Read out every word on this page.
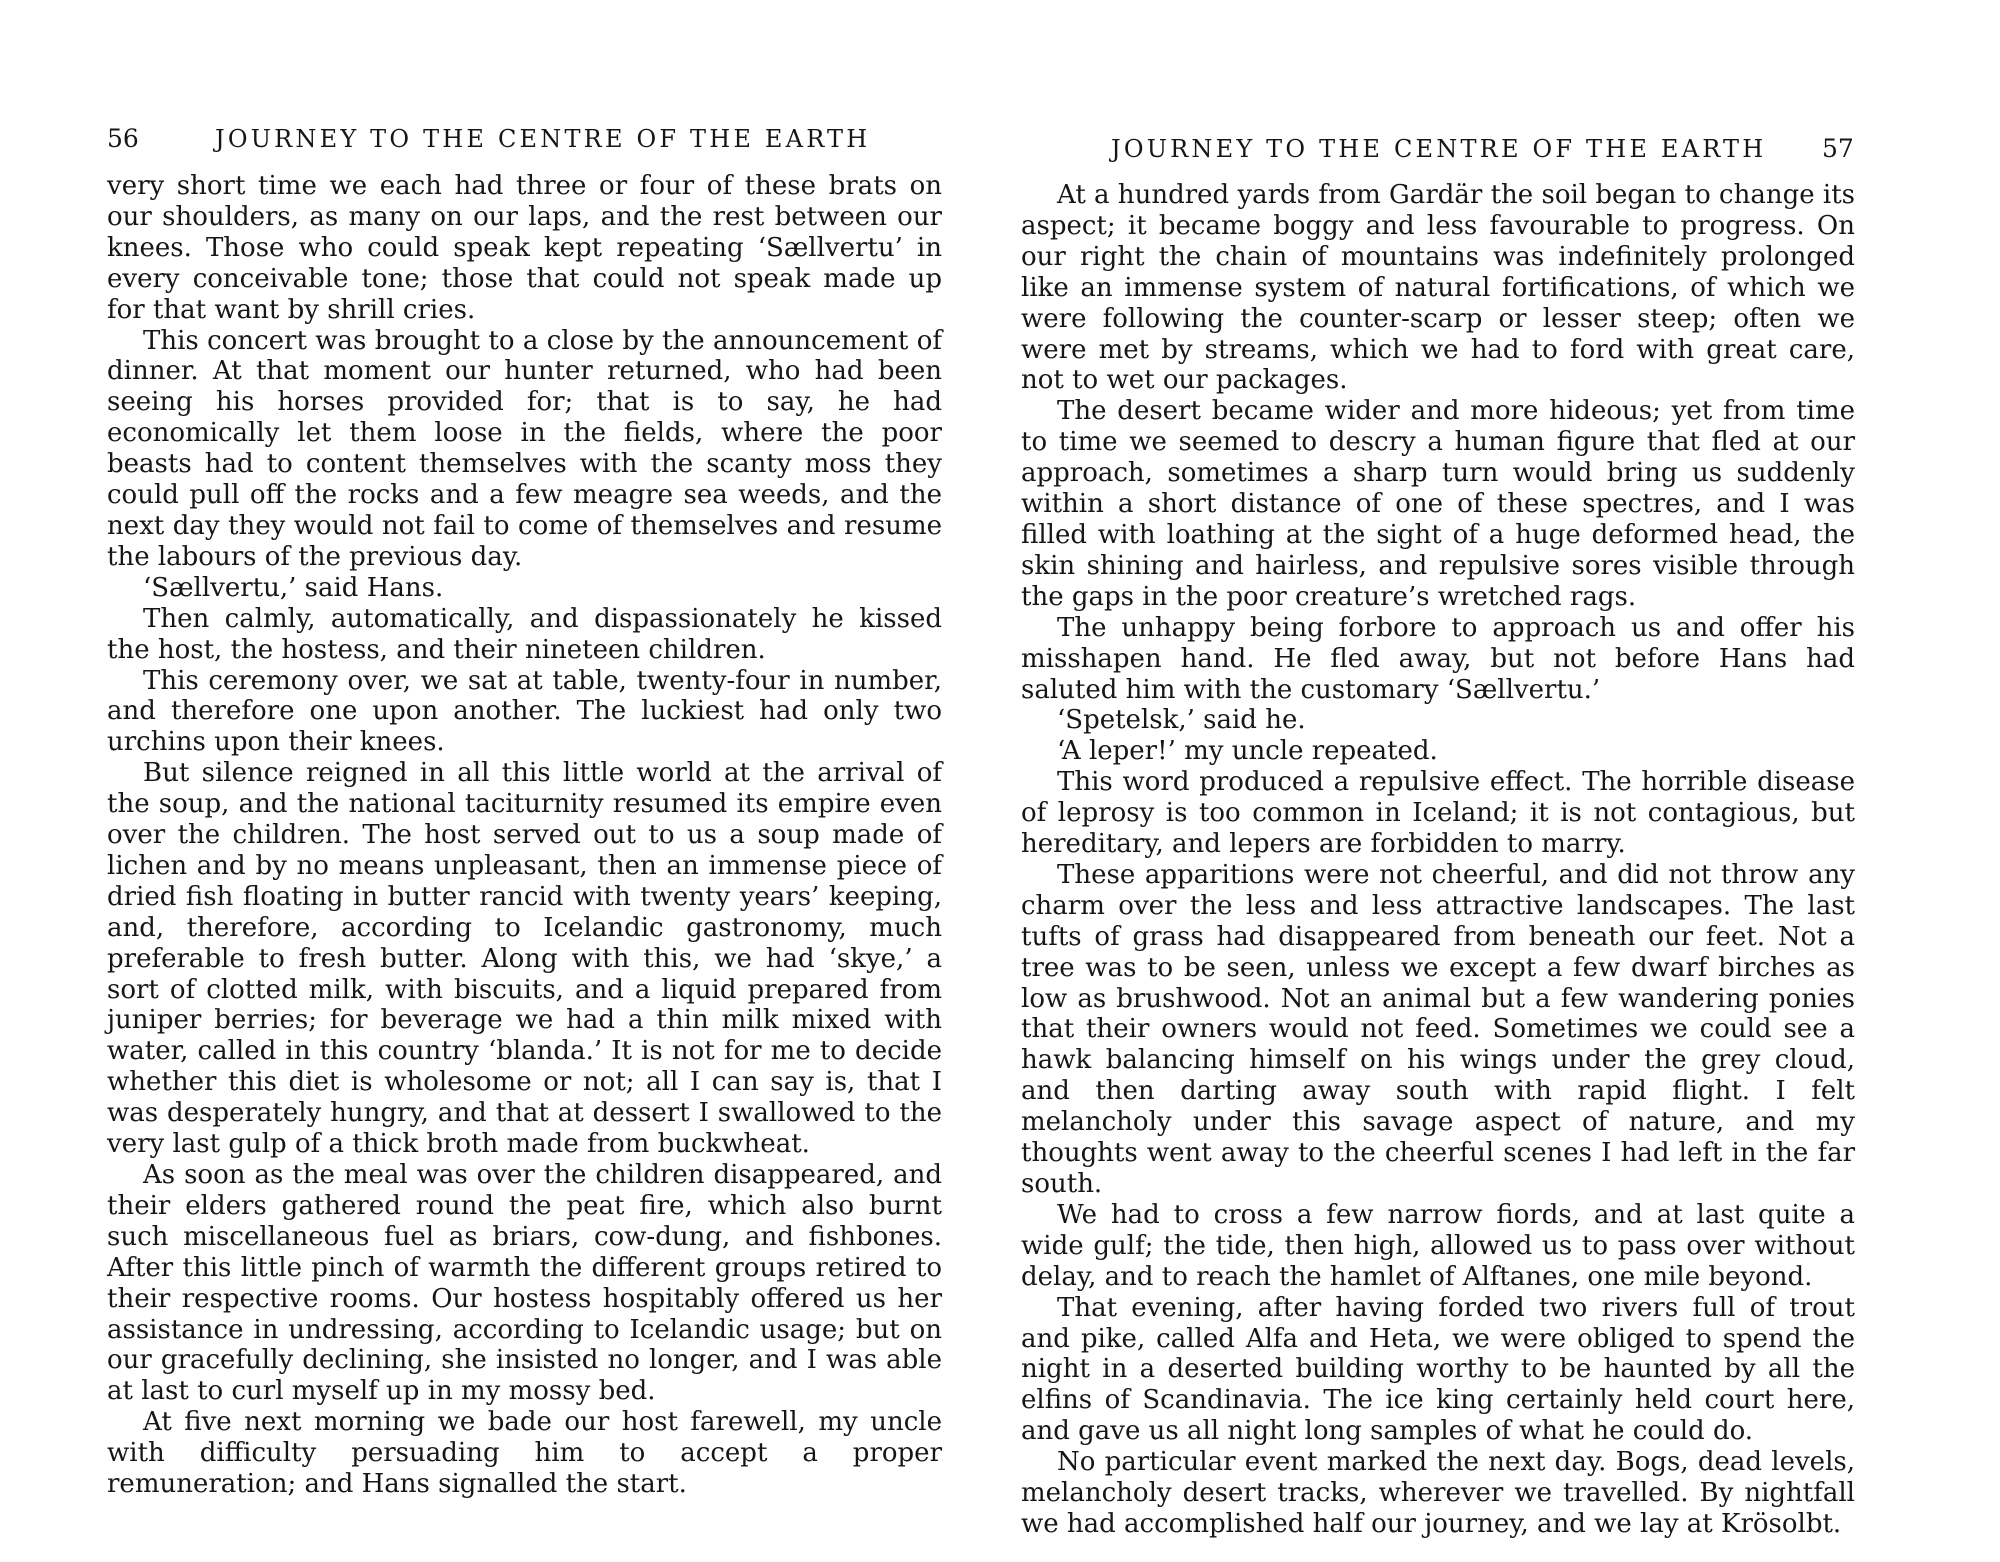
56	JOURNEY TO THE CENTRE OF THE EARTH

very short time we each had three or four of these brats on our shoulders, as many on our laps, and the rest between our knees. Those who could speak kept repeating ‘Sællvertu’ in every conceivable tone; those that could not speak made up for that want by shrill cries.

This concert was brought to a close by the announcement of dinner. At that moment our hunter returned, who had been seeing his horses provided for; that is to say, he had economically let them loose in the fields, where the poor beasts had to content themselves with the scanty moss they could pull off the rocks and a few meagre sea weeds, and the next day they would not fail to come of themselves and resume the labours of the previous day.

‘Sællvertu,’ said Hans.

Then calmly, automatically, and dispassionately he kissed the host, the hostess, and their nineteen children.

This ceremony over, we sat at table, twenty-four in number, and therefore one upon another. The luckiest had only two urchins upon their knees.

But silence reigned in all this little world at the arrival of the soup, and the national taciturnity resumed its empire even over the children. The host served out to us a soup made of lichen and by no means unpleasant, then an immense piece of dried fish floating in butter rancid with twenty years’ keeping, and, therefore, according to Icelandic gastronomy, much preferable to fresh butter. Along with this, we had ‘skye,’ a sort of clotted milk, with biscuits, and a liquid prepared from juniper berries; for beverage we had a thin milk mixed with water, called in this country ‘blanda.’ It is not for me to decide whether this diet is wholesome or not; all I can say is, that I was desperately hungry, and that at dessert I swallowed to the very last gulp of a thick broth made from buckwheat.

As soon as the meal was over the children disappeared, and their elders gathered round the peat fire, which also burnt such miscellaneous fuel as briars, cow-dung, and fishbones. After this little pinch of warmth the different groups retired to their respective rooms. Our hostess hospitably offered us her assistance in undressing, according to Icelandic usage; but on our gracefully declining, she insisted no longer, and I was able at last to curl myself up in my mossy bed.

At five next morning we bade our host farewell, my uncle with difficulty persuading him to accept a proper remuneration; and Hans signalled the start.

JOURNEY TO THE CENTRE OF THE EARTH 57

At a hundred yards from Gardär the soil began to change its aspect; it became boggy and less favourable to progress. On our right the chain of mountains was indefinitely prolonged like an immense system of natural fortifications, of which we were following the counter-scarp or lesser steep; often we were met by streams, which we had to ford with great care, not to wet our packages.

The desert became wider and more hideous; yet from time to time we seemed to descry a human figure that fled at our approach, sometimes a sharp turn would bring us suddenly within a short distance of one of these spectres, and I was filled with loathing at the sight of a huge deformed head, the skin shining and hairless, and repulsive sores visible through the gaps in the poor creature’s wretched rags.

The unhappy being forbore to approach us and offer his misshapen hand. He fled away, but not before Hans had saluted him with the customary ‘Sællvertu.’

‘Spetelsk,’ said he.

‘A leper!’ my uncle repeated.

This word produced a repulsive effect. The horrible disease of leprosy is too common in Iceland; it is not contagious, but hereditary, and lepers are forbidden to marry.

These apparitions were not cheerful, and did not throw any charm over the less and less attractive landscapes. The last tufts of grass had disappeared from beneath our feet. Not a tree was to be seen, unless we except a few dwarf birches as low as brushwood. Not an animal but a few wandering ponies that their owners would not feed. Sometimes we could see a hawk balancing himself on his wings under the grey cloud, and then darting away south with rapid flight. I felt melancholy under this savage aspect of nature, and my thoughts went away to the cheerful scenes I had left in the far south.

We had to cross a few narrow fiords, and at last quite a wide gulf; the tide, then high, allowed us to pass over without delay, and to reach the hamlet of Alftanes, one mile beyond.

That evening, after having forded two rivers full of trout and pike, called Alfa and Heta, we were obliged to spend the night in a deserted building worthy to be haunted by all the elfins of Scandinavia. The ice king certainly held court here, and gave us all night long samples of what he could do.

No particular event marked the next day. Bogs, dead levels, melancholy desert tracks, wherever we travelled. By nightfall we had accomplished half our journey, and we lay at Krösolbt.
